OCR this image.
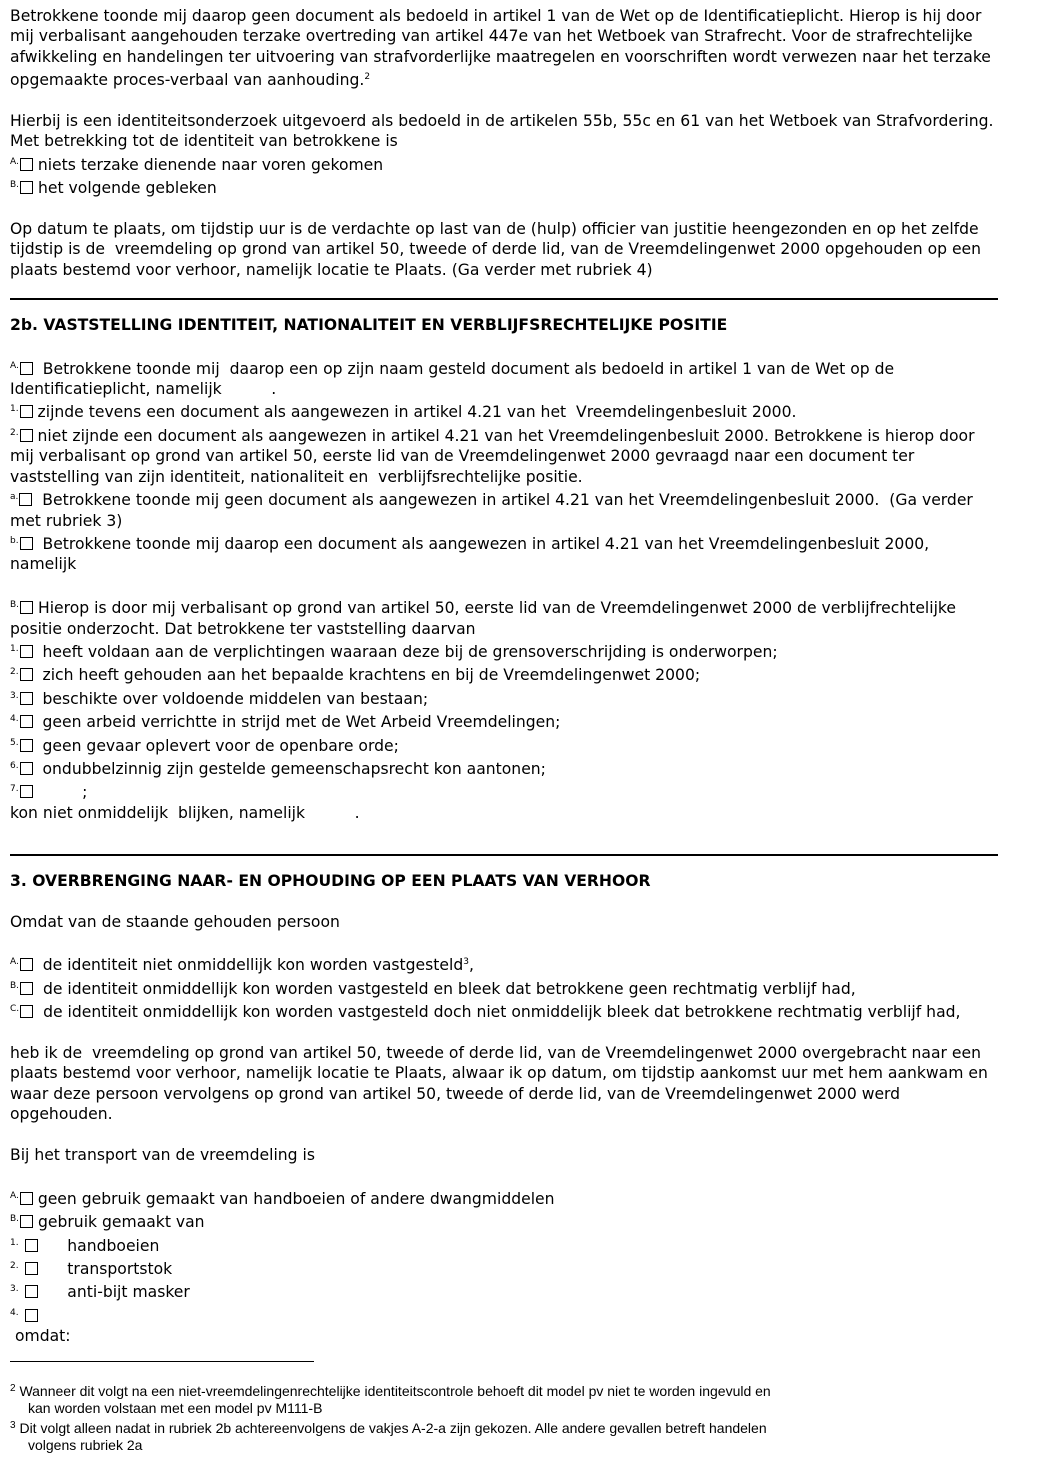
Betrokkene toonde mij daarop geen document als bedoeld in artikel 1 van de Wet op de Identificatieplicht. Hierop is hij door mij verbalisant aangehouden terzake overtreding van artikel 447e van het Wetboek van Strafrecht. Voor de strafrechtelijke afwikkeling en handelingen ter uitvoering van strafvorderlijke maatregelen en voorschriften wordt verwezen naar het terzake opgemaakte proces-verbaal van aanhouding.$^2$

Hierbij is een identiteitsonderzoek uitgevoerd als bedoeld in de artikelen 55b, 55c en 61 van het Wetboek van Strafvordering. Met betrekking tot de identiteit van betrokkene is

$^{A.}$ niets terzake dienende naar voren gekomen

$^{B.}$ het volgende gebleken

Op datum te plaats, om tijdstip uur is de verdachte op last van de (hulp) officier van justitie heengezonden en op het zelfde tijdstip is de  vreemdeling op grond van artikel 50, tweede of derde lid, van de Vreemdelingenwet 2000 opgehouden op een plaats bestemd voor verhoor, namelijk locatie te Plaats. (Ga verder met rubriek 4)

2b. VASTSTELLING IDENTITEIT, NATIONALITEIT EN VERBLIJFSRECHTELIJKE POSITIE

$^{A.}$  Betrokkene toonde mij  daarop een op zijn naam gesteld document als bedoeld in artikel 1 van de Wet op de Identificatieplicht, namelijk          .

$^{1.}$ zijnde tevens een document als aangewezen in artikel 4.21 van het  Vreemdelingenbesluit 2000.

$^{2.}$ niet zijnde een document als aangewezen in artikel 4.21 van het Vreemdelingenbesluit 2000. Betrokkene is hierop door mij verbalisant op grond van artikel 50, eerste lid van de Vreemdelingenwet 2000 gevraagd naar een document ter vaststelling van zijn identiteit, nationaliteit en  verblijfsrechtelijke positie.

$^{a.}$  Betrokkene toonde mij geen document als aangewezen in artikel 4.21 van het Vreemdelingenbesluit 2000.  (Ga verder met rubriek 3)

$^{b.}$  Betrokkene toonde mij daarop een document als aangewezen in artikel 4.21 van het Vreemdelingenbesluit 2000, namelijk

$^{B.}$ Hierop is door mij verbalisant op grond van artikel 50, eerste lid van de Vreemdelingenwet 2000 de verblijfrechtelijke positie onderzocht. Dat betrokkene ter vaststelling daarvan

$^{1.}$  heeft voldaan aan de verplichtingen waaraan deze bij de grensoverschrijding is onderworpen;

$^{2.}$  zich heeft gehouden aan het bepaalde krachtens en bij de Vreemdelingenwet 2000;

$^{3.}$  beschikte over voldoende middelen van bestaan;

$^{4.}$  geen arbeid verrichtte in strijd met de Wet Arbeid Vreemdelingen;

$^{5.}$  geen gevaar oplevert voor de openbare orde;

$^{6.}$  ondubbelzinnig zijn gestelde gemeenschapsrecht kon aantonen;

$^{7.}$          ;

kon niet onmiddelijk  blijken, namelijk          .

3. OVERBRENGING NAAR- EN OPHOUDING OP EEN PLAATS VAN VERHOOR

Omdat van de staande gehouden persoon

$^{A.}$  de identiteit niet onmiddellijk kon worden vastgesteld$^3$,

$^{B.}$  de identiteit onmiddellijk kon worden vastgesteld en bleek dat betrokkene geen rechtmatig verblijf had,

$^{C.}$  de identiteit onmiddellijk kon worden vastgesteld doch niet onmiddelijk bleek dat betrokkene rechtmatig verblijf had,

heb ik de  vreemdeling op grond van artikel 50, tweede of derde lid, van de Vreemdelingenwet 2000 overgebracht naar een plaats bestemd voor verhoor, namelijk locatie te Plaats, alwaar ik op datum, om tijdstip aankomst uur met hem aankwam en waar deze persoon vervolgens op grond van artikel 50, tweede of derde lid, van de Vreemdelingenwet 2000 werd opgehouden.

Bij het transport van de vreemdeling is

$^{A.}$ geen gebruik gemaakt van handboeien of andere dwangmiddelen

$^{B.}$ gebruik gemaakt van

$^{1.}$       handboeien

$^{2.}$       transportstok

$^{3.}$       anti-bijt masker

$^{4.}$

omdat:

$^2$ Wanneer dit volgt na een niet-vreemdelingenrechtelijke identiteitscontrole behoeft dit model pv niet te worden ingevuld en
kan worden volstaan met een model pv M111-B

$^3$ Dit volgt alleen nadat in rubriek 2b achtereenvolgens de vakjes A-2-a zijn gekozen. Alle andere gevallen betreft handelen
volgens rubriek 2a
